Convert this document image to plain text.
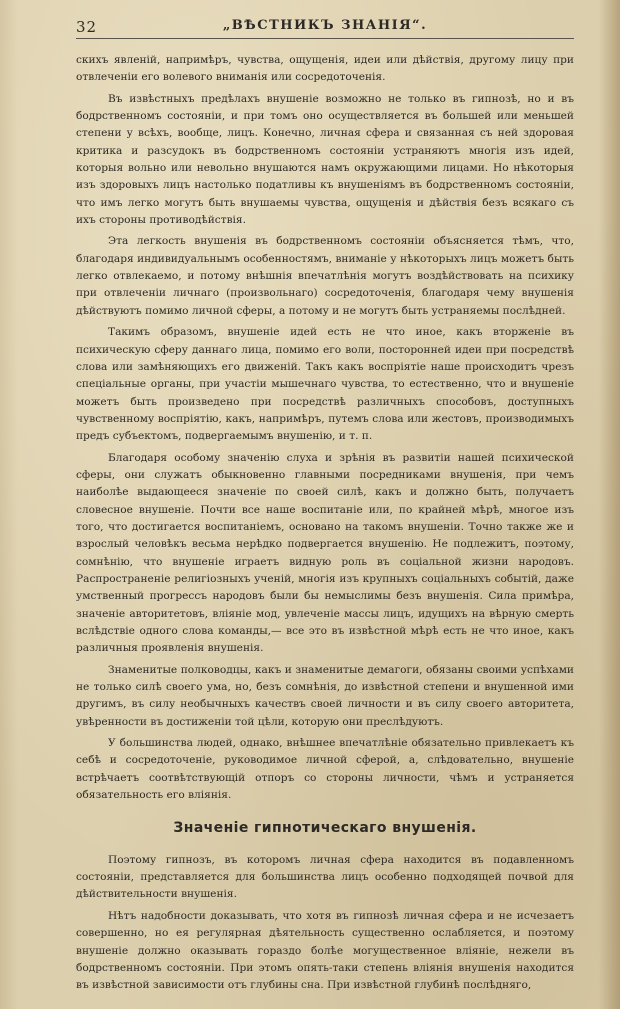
32	„ВѢСТНИКЪ ЗНАНІЯ“.

скихъ явленій, напримѣръ, чувства, ощущенія, идеи или дѣйствія, другому лицу при отвлеченіи его волевого вниманія или сосредоточенія.

Въ извѣстныхъ предѣлахъ внушеніе возможно не только въ гипнозѣ, но и въ бодрственномъ состояніи, и при томъ оно осуществляется въ большей или меньшей степени у всѣхъ, вообще, лицъ. Конечно, личная сфера и связанная съ ней здоровая критика и разсудокъ въ бодрственномъ состояніи устраняютъ многія изъ идей, которыя вольно или невольно внушаются намъ окружающими лицами. Но нѣкоторыя изъ здоровыхъ лицъ настолько податливы къ внушеніямъ въ бодрственномъ состояніи, что имъ легко могутъ быть внушаемы чувства, ощущенія и дѣйствія безъ всякаго съ ихъ стороны противодѣйствія.

Эта легкость внушенія въ бодрственномъ состояніи объясняется тѣмъ, что, благодаря индивидуальнымъ особенностямъ, вниманіе у нѣкоторыхъ лицъ можетъ быть легко отвлекаемо, и потому внѣшнія впечатлѣнія могутъ воздѣйствовать на психику при отвлеченіи личнаго (произвольнаго) сосредоточенія, благодаря чему внушенія дѣйствуютъ помимо личной сферы, а потому и не могутъ быть устраняемы послѣдней.

Такимъ образомъ, внушеніе идей есть не что иное, какъ вторженіе въ психическую сферу даннаго лица, помимо его воли, посторонней идеи при посредствѣ слова или замѣняющихъ его движеній. Такъ какъ воспріятіе наше происходитъ чрезъ спеціальные органы, при участіи мышечнаго чувства, то естественно, что и внушеніе можетъ быть произведено при посредствѣ различныхъ способовъ, доступныхъ чувственному воспріятію, какъ, напримѣръ, путемъ слова или жестовъ, производимыхъ предъ субъектомъ, подвергаемымъ внушенію, и т. п.

Благодаря особому значенію слуха и зрѣнія въ развитіи нашей психической сферы, они служатъ обыкновенно главными посредниками внушенія, при чемъ наиболѣе выдающееся значеніе по своей силѣ, какъ и должно быть, получаетъ словесное внушеніе. Почти все наше воспитаніе или, по крайней мѣрѣ, многое изъ того, что достигается воспитаніемъ, основано на такомъ внушеніи. Точно также же и взрослый человѣкъ весьма нерѣдко подвергается внушенію. Не подлежитъ, поэтому, сомнѣнію, что внушеніе играетъ видную роль въ соціальной жизни народовъ. Распространеніе религіозныхъ ученій, многія изъ крупныхъ соціальныхъ событій, даже умственный прогрессъ народовъ были бы немыслимы безъ внушенія. Сила примѣра, значеніе авторитетовъ, вліяніе мод, увлеченіе массы лицъ, идущихъ на вѣрную смерть вслѣдствіе одного слова команды,— все это въ извѣстной мѣрѣ есть не что иное, какъ различныя проявленія внушенія.

Знаменитые полководцы, какъ и знаменитые демагоги, обязаны своими успѣхами не только силѣ своего ума, но, безъ сомнѣнія, до извѣстной степени и внушенной ими другимъ, въ силу необычныхъ качествъ своей личности и въ силу своего авторитета, увѣренности въ достиженіи той цѣли, которую они преслѣдуютъ.

У большинства людей, однако, внѣшнее впечатлѣніе обязательно привлекаетъ къ себѣ и сосредоточеніе, руководимое личной сферой, а, слѣдовательно, внушеніе встрѣчаетъ соотвѣтствующій отпоръ со стороны личности, чѣмъ и устраняется обязательность его вліянія.

Значеніе гипнотическаго внушенія.

Поэтому гипнозъ, въ которомъ личная сфера находится въ подавленномъ состояніи, представляется для большинства лицъ особенно подходящей почвой для дѣйствительности внушенія.

Нѣтъ надобности доказывать, что хотя въ гипнозѣ личная сфера и не исчезаетъ совершенно, но ея регулярная дѣятельность существенно ослабляется, и поэтому внушеніе должно оказывать гораздо болѣе могущественное вліяніе, нежели въ бодрственномъ состояніи. При этомъ опять-таки степень вліянія внушенія находится въ извѣстной зависимости отъ глубины сна. При извѣстной глубинѣ послѣдняго,
